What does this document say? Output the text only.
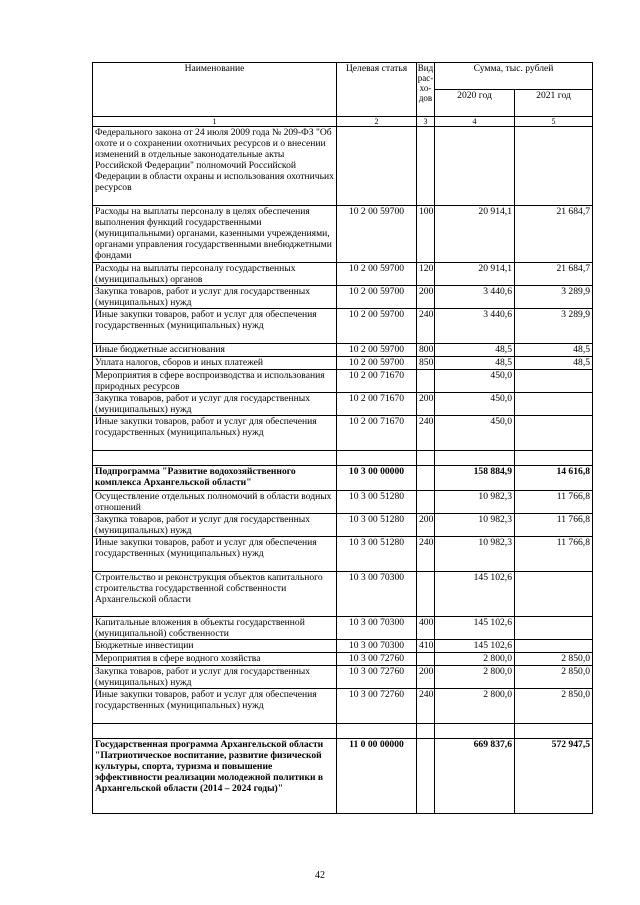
Наименование	Целевая статья	Вид рас- хо- дов	Сумма, тыс. рублей	
			2020 год	2021 год
1	2	3	4	5
Федерального закона от 24 июля 2009 года № 209-ФЗ "Об охоте и о сохранении охотничьих ресурсов и о внесении изменений в отдельные законодательные акты Российской Федерации" полномочий Российской Федерации в области охраны и использования охотничьих ресурсов				
Расходы на выплаты персоналу в целях обеспечения выполнения функций государственными (муниципальными) органами, казенными учреждениями, органами управления государственными внебюджетными фондами	10 2 00 59700	100	20 914,1	21 684,7
Расходы на выплаты персоналу государственных (муниципальных) органов	10 2 00 59700	120	20 914,1	21 684,7
Закупка товаров, работ и услуг для государственных (муниципальных) нужд	10 2 00 59700	200	3 440,6	3 289,9
Иные закупки товаров, работ и услуг для обеспечения государственных (муниципальных) нужд	10 2 00 59700	240	3 440,6	3 289,9
Иные бюджетные ассигнования	10 2 00 59700	800	48,5	48,5
Уплата налогов, сборов и иных платежей	10 2 00 59700	850	48,5	48,5
Мероприятия в сфере воспроизводства и использования природных ресурсов	10 2 00 71670		450,0	
Закупка товаров, работ и услуг для государственных (муниципальных) нужд	10 2 00 71670	200	450,0	
Иные закупки товаров, работ и услуг для обеспечения государственных (муниципальных) нужд	10 2 00 71670	240	450,0	

Подпрограмма "Развитие водохозяйственного комплекса Архангельской области"	10 3 00 00000		158 884,9	14 616,8
Осуществление отдельных полномочий в области водных отношений	10 3 00 51280		10 982,3	11 766,8
Закупка товаров, работ и услуг для государственных (муниципальных) нужд	10 3 00 51280	200	10 982,3	11 766,8
Иные закупки товаров, работ и услуг для обеспечения государственных (муниципальных) нужд	10 3 00 51280	240	10 982,3	11 766,8
Строительство и реконструкция объектов капитального строительства государственной собственности Архангельской области	10 3 00 70300		145 102,6	
Капитальные вложения в объекты государственной (муниципальной) собственности	10 3 00 70300	400	145 102,6	
Бюджетные инвестиции	10 3 00 70300	410	145 102,6	
Мероприятия в сфере водного хозяйства	10 3 00 72760		2 800,0	2 850,0
Закупка товаров, работ и услуг для государственных (муниципальных) нужд	10 3 00 72760	200	2 800,0	2 850,0
Иные закупки товаров, работ и услуг для обеспечения государственных (муниципальных) нужд	10 3 00 72760	240	2 800,0	2 850,0

Государственная программа Архангельской области "Патриотическое воспитание, развитие физической культуры, спорта, туризма и повышение эффективности реализации молодежной политики в Архангельской области (2014 – 2024 годы)"	11 0 00 00000		669 837,6	572 947,5
42
